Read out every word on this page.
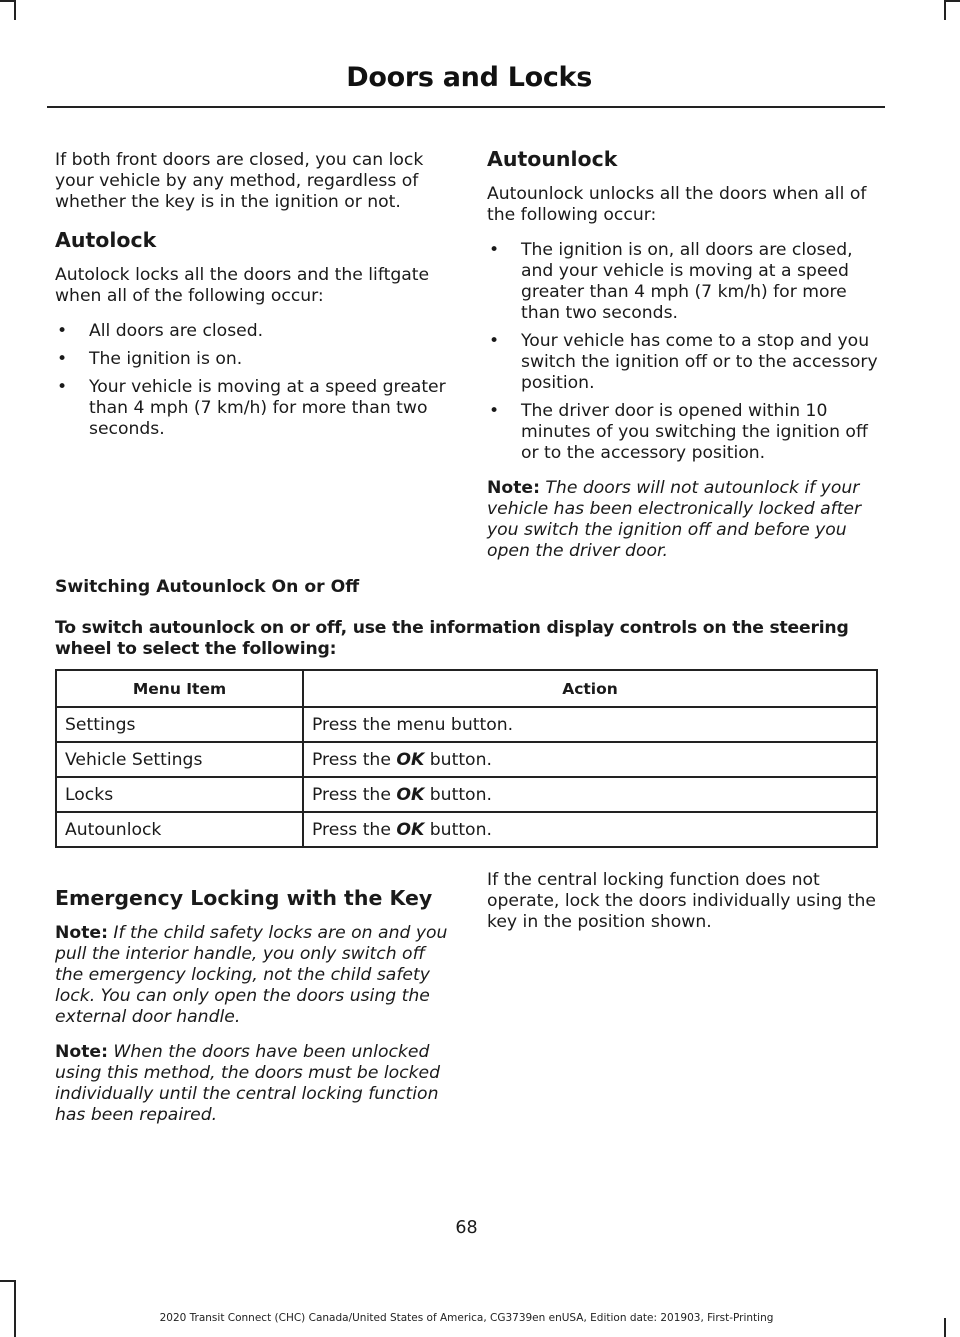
Doors and Locks

If both front doors are closed, you can lock your vehicle by any method, regardless of whether the key is in the ignition or not.

Autolock

Autolock locks all the doors and the liftgate when all of the following occur:

• All doors are closed.
• The ignition is on.
• Your vehicle is moving at a speed greater than 4 mph (7 km/h) for more than two seconds.
Autounlock

Autounlock unlocks all the doors when all of the following occur:

• The ignition is on, all doors are closed, and your vehicle is moving at a speed greater than 4 mph (7 km/h) for more than two seconds.
• Your vehicle has come to a stop and you switch the ignition off or to the accessory position.
• The driver door is opened within 10 minutes of you switching the ignition off or to the accessory position.

Note: The doors will not autounlock if your vehicle has been electronically locked after you switch the ignition off and before you open the driver door.

Switching Autounlock On or Off
To switch autounlock on or off, use the information display controls on the steering wheel to select the following:
Menu Item	Action
Settings	Press the menu button.
Vehicle Settings	Press the OK button.
Locks	Press the OK button.
Autounlock	Press the OK button.
Emergency Locking with the Key

Note: If the child safety locks are on and you pull the interior handle, you only switch off the emergency locking, not the child safety lock. You can only open the doors using the external door handle.

Note: When the doors have been unlocked using this method, the doors must be locked individually until the central locking function has been repaired.

If the central locking function does not operate, lock the doors individually using the key in the position shown.

68
2020 Transit Connect (CHC) Canada/United States of America, CG3739en enUSA, Edition date: 201903, First-Printing
